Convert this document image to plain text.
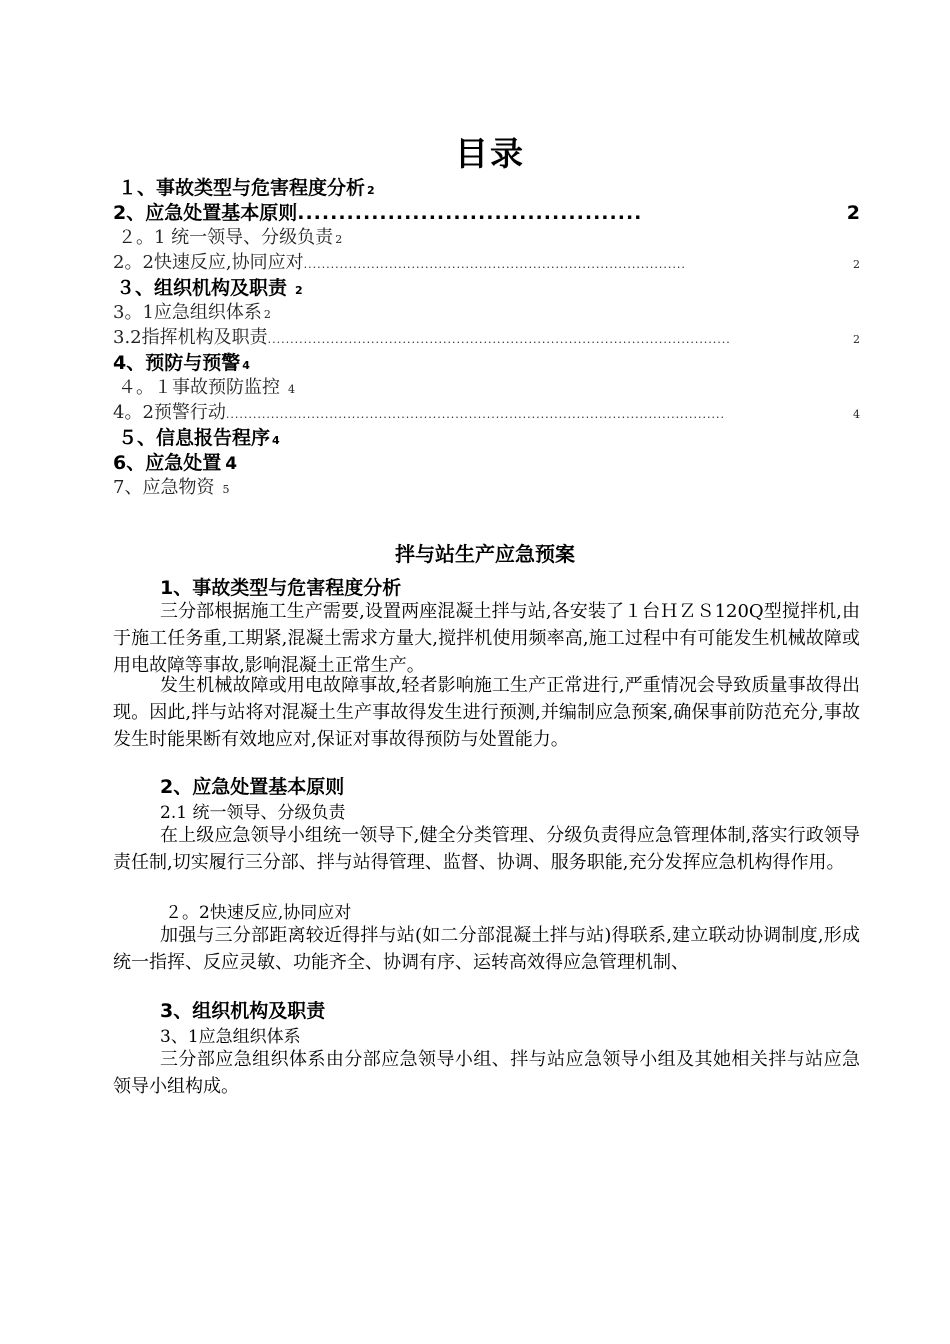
目录
１、事故类型与危害程度分析 2
2、应急处置基本原则 ..........................................	2
２。1 统一领导、分级负责 2
2。2快速反应,协同应对 .....................................................................................	2
３、组织机构及职责 2
3。1应急组织体系 2
3.2指挥机构及职责 .......................................................................................................	2
4、预防与预警 4
４。１事故预防监控 4
4。2预警行动 ...............................................................................................................	4
５、信息报告程序 4
6、应急处置 4
7、应急物资 5
拌与站生产应急预案
1、事故类型与危害程度分析
三分部根据施工生产需要,设置两座混凝土拌与站,各安装了１台ＨＺＳ120Q型搅拌机,由于施工任务重,工期紧,混凝土需求方量大,搅拌机使用频率高,施工过程中有可能发生机械故障或用电故障等事故,影响混凝土正常生产。
发生机械故障或用电故障事故,轻者影响施工生产正常进行,严重情况会导致质量事故得出现。因此,拌与站将对混凝土生产事故得发生进行预测,并编制应急预案,确保事前防范充分,事故发生时能果断有效地应对,保证对事故得预防与处置能力。
2、应急处置基本原则
2.1 统一领导、分级负责
在上级应急领导小组统一领导下,健全分类管理、分级负责得应急管理体制,落实行政领导责任制,切实履行三分部、拌与站得管理、监督、协调、服务职能,充分发挥应急机构得作用。
２。2快速反应,协同应对
加强与三分部距离较近得拌与站(如二分部混凝土拌与站)得联系,建立联动协调制度,形成统一指挥、反应灵敏、功能齐全、协调有序、运转高效得应急管理机制、
3、组织机构及职责
3、1应急组织体系
三分部应急组织体系由分部应急领导小组、拌与站应急领导小组及其她相关拌与站应急领导小组构成。
